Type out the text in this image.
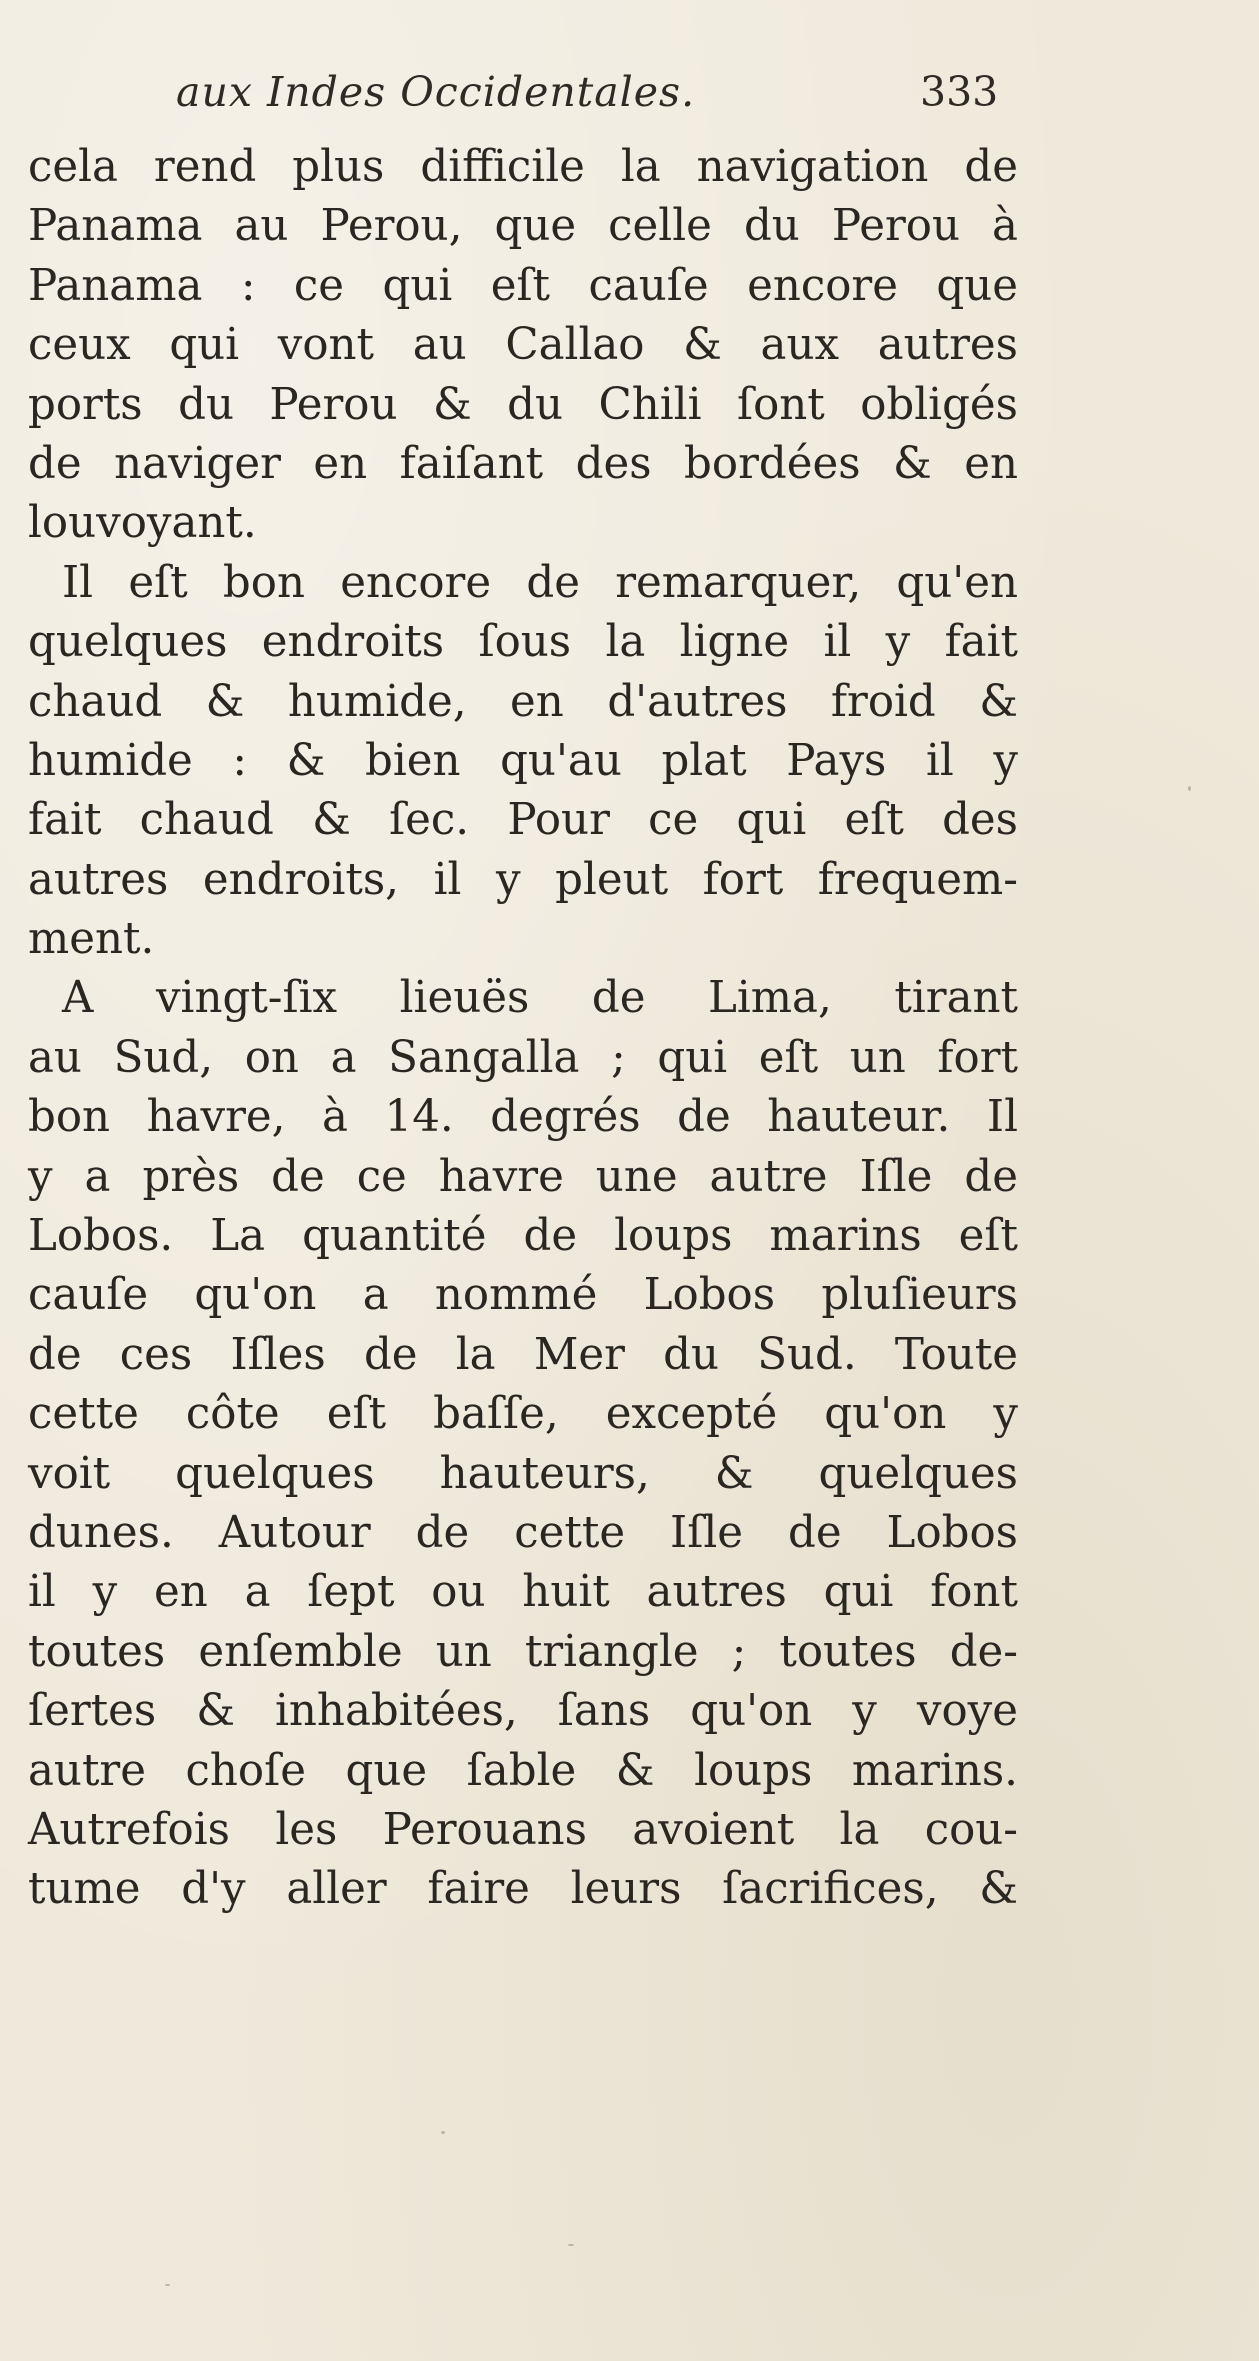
aux Indes Occidentales.	333
cela rend plus difficile la navigation de
Panama au Perou, que celle du Perou à
Panama : ce qui eſt cauſe encore que
ceux qui vont au Callao & aux autres
ports du Perou & du Chili ſont obligés
de naviger en faiſant des bordées & en
louvoyant.
Il eſt bon encore de remarquer, qu'en
quelques endroits ſous la ligne il y fait
chaud & humide, en d'autres froid &
humide : & bien qu'au plat Pays il y
fait chaud & ſec. Pour ce qui eſt des
autres endroits, il y pleut fort frequem-
ment.
A vingt-ſix lieuës de Lima, tirant
au Sud, on a Sangalla ; qui eſt un fort
bon havre, à 14. degrés de hauteur. Il
y a près de ce havre une autre Iſle de
Lobos. La quantité de loups marins eſt
cauſe qu'on a nommé Lobos pluſieurs
de ces Iſles de la Mer du Sud. Toute
cette côte eſt baſſe, excepté qu'on y
voit quelques hauteurs, & quelques
dunes. Autour de cette Iſle de Lobos
il y en a ſept ou huit autres qui font
toutes enſemble un triangle ; toutes de-
ſertes & inhabitées, ſans qu'on y voye
autre choſe que ſable & loups marins.
Autrefois les Perouans avoient la cou-
tume d'y aller faire leurs ſacrifices, &
